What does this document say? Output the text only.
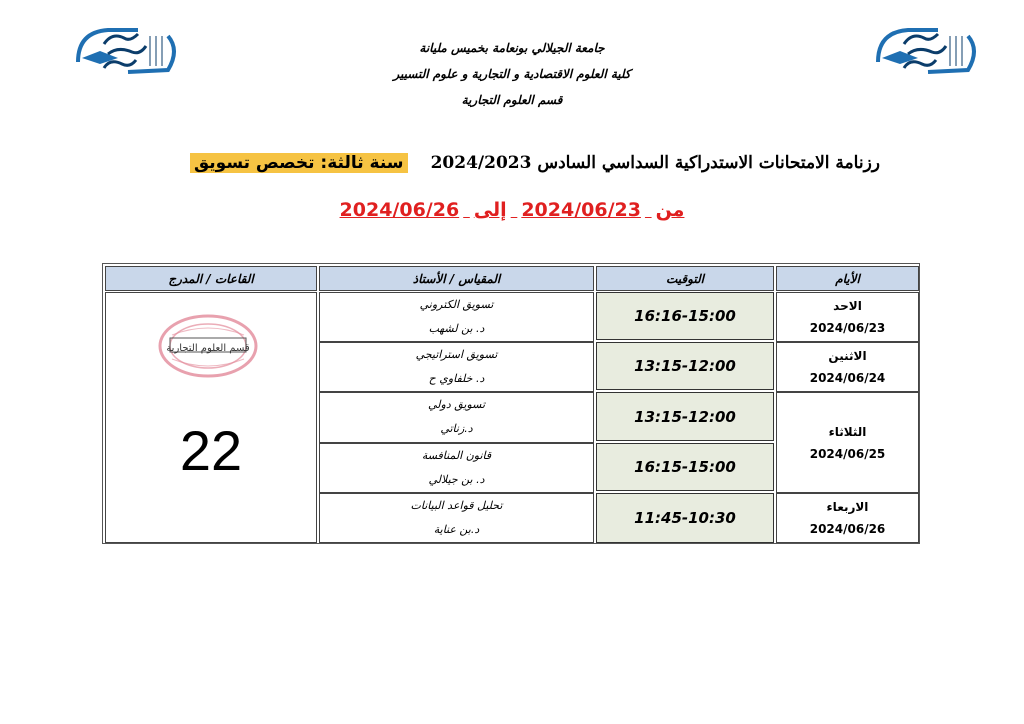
جامعة الجيلالي بونعامة بخميس مليانة
كلية العلوم الاقتصادية و التجارية و علوم التسيير
قسم العلوم التجارية
رزنامة الامتحانات الاستدراكية السداسي السادس 2024/2023 سنة ثالثة: تخصص تسويق
من 2024/06/23 إلى 2024/06/26
الأيام
التوقيت
المقياس / الأستاذ
القاعات / المدرج
الاحد
2024/06/23
الاثنين
2024/06/24
الثلاثاء
2024/06/25
الاربعاء
2024/06/26
16:16-15:00
13:15-12:00
13:15-12:00
16:15-15:00
11:45-10:30
تسويق الكتروني
د. بن لشهب
تسويق استراتيجي
د. خلفاوي ح
تسويق دولي
د.زناتي
قانون المنافسة
د. بن جيلالي
تحليل قواعد البيانات
د.بن عناية
قسم العلوم التجارية
22
